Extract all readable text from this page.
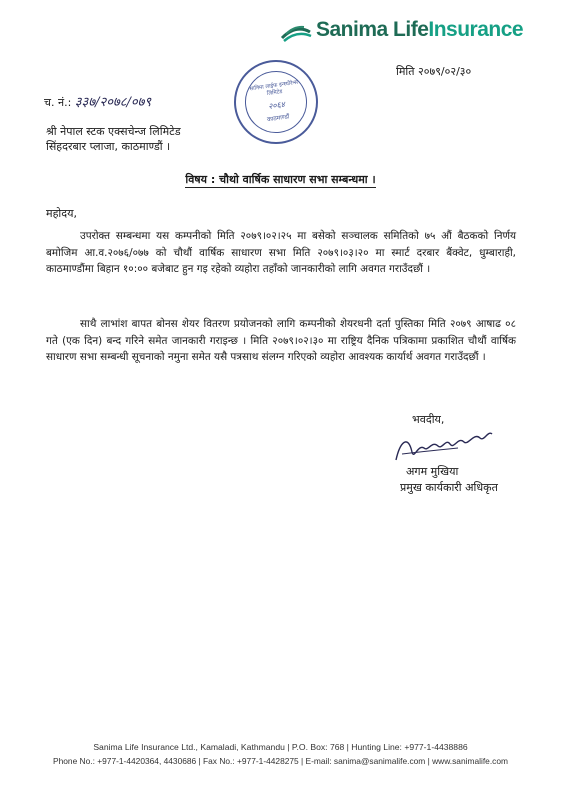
Sanima LifeInsurance
मिति २०७९/०२/३०
च. नं.: ३३७/२०७८/०७९
सानिमा लाईफ इन्स्योरेन्स लिमिटेड
२०६४
काठमाण्डौं
श्री नेपाल स्टक एक्सचेन्ज लिमिटेड
सिंहदरबार प्लाजा, काठमाण्डौं ।
विषय : चौथो वार्षिक साधारण सभा सम्बन्धमा ।
महोदय,
उपरोक्त सम्बन्धमा यस कम्पनीको मिति २०७९।०२।२५ मा बसेको सञ्चालक समितिको ७५ औं बैठकको निर्णय बमोजिम आ.व.२०७६/०७७ को चौथौं वार्षिक साधारण सभा मिति २०७९।०३।२० मा स्मार्ट दरबार बैंक्वेट, धुम्बाराही, काठमाण्डौंमा बिहान १०:०० बजेबाट हुन गइ रहेको व्यहोरा तहाँको जानकारीको लागि अवगत गराउँदछौं ।
साथै लाभांश बापत बोनस शेयर वितरण प्रयोजनको लागि कम्पनीको शेयरधनी दर्ता पुस्तिका मिति २०७९ आषाढ ०८ गते (एक दिन) बन्द गरिने समेत जानकारी गराइन्छ । मिति २०७९।०२।३० मा राष्ट्रिय दैनिक पत्रिकामा प्रकाशित चौथौं वार्षिक साधारण सभा सम्बन्धी सूचनाको नमुना समेत यसै पत्रसाथ संलग्न गरिएको व्यहोरा आवश्यक कार्यार्थ अवगत गराउँदछौं ।
भवदीय,
अगम मुखिया
प्रमुख कार्यकारी अधिकृत
Sanima Life Insurance Ltd., Kamaladi, Kathmandu | P.O. Box: 768 | Hunting Line: +977-1-4438886
Phone No.: +977-1-4420364, 4430686 | Fax No.: +977-1-4428275 | E-mail: sanima@sanimalife.com | www.sanimalife.com
